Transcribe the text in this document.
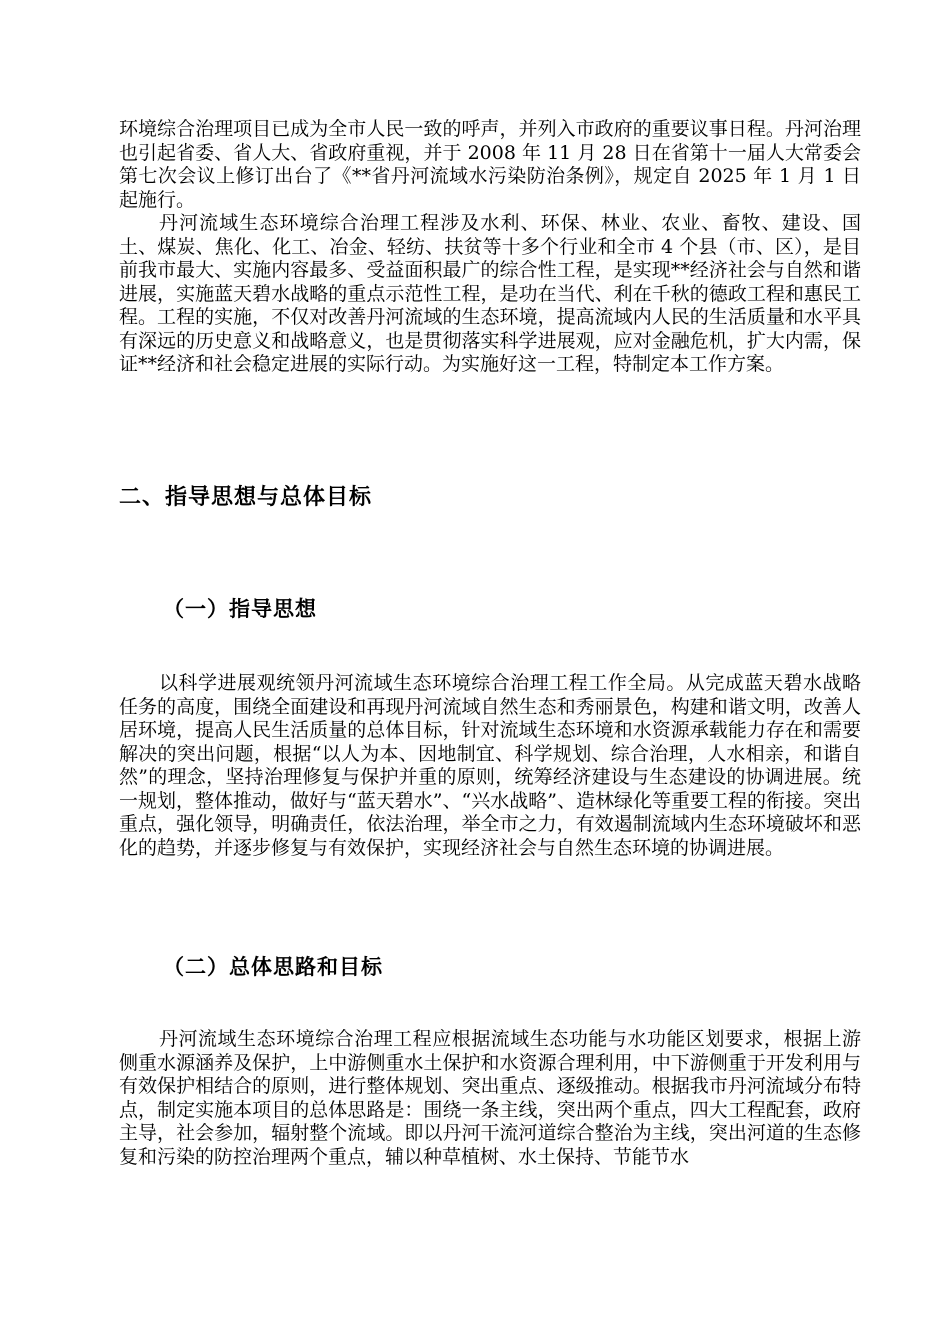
环境综合治理项目已成为全市人民一致的呼声，并列入市政府的重要议事日程。丹河治理也引起省委、省人大、省政府重视，并于 2008 年 11 月 28 日在省第十一届人大常委会第七次会议上修订出台了《**省丹河流域水污染防治条例》，规定自 2025 年 1 月 1 日起施行。

丹河流域生态环境综合治理工程涉及水利、环保、林业、农业、畜牧、建设、国土、煤炭、焦化、化工、冶金、轻纺、扶贫等十多个行业和全市 4 个县（市、区），是目前我市最大、实施内容最多、受益面积最广的综合性工程，是实现**经济社会与自然和谐进展，实施蓝天碧水战略的重点示范性工程，是功在当代、利在千秋的德政工程和惠民工程。工程的实施，不仅对改善丹河流域的生态环境，提高流域内人民的生活质量和水平具有深远的历史意义和战略意义，也是贯彻落实科学进展观，应对金融危机，扩大内需，保证**经济和社会稳定进展的实际行动。为实施好这一工程，特制定本工作方案。

二、指导思想与总体目标
（一）指导思想

以科学进展观统领丹河流域生态环境综合治理工程工作全局。从完成蓝天碧水战略任务的高度，围绕全面建设和再现丹河流域自然生态和秀丽景色，构建和谐文明，改善人居环境，提高人民生活质量的总体目标，针对流域生态环境和水资源承载能力存在和需要解决的突出问题，根据“以人为本、因地制宜、科学规划、综合治理，人水相亲，和谐自然”的理念，坚持治理修复与保护并重的原则，统筹经济建设与生态建设的协调进展。统一规划，整体推动，做好与“蓝天碧水”、“兴水战略”、造林绿化等重要工程的衔接。突出重点，强化领导，明确责任，依法治理，举全市之力，有效遏制流域内生态环境破坏和恶化的趋势，并逐步修复与有效保护，实现经济社会与自然生态环境的协调进展。

（二）总体思路和目标

丹河流域生态环境综合治理工程应根据流域生态功能与水功能区划要求，根据上游侧重水源涵养及保护，上中游侧重水土保护和水资源合理利用，中下游侧重于开发利用与有效保护相结合的原则，进行整体规划、突出重点、逐级推动。根据我市丹河流域分布特点，制定实施本项目的总体思路是：围绕一条主线，突出两个重点，四大工程配套，政府主导，社会参加，辐射整个流域。即以丹河干流河道综合整治为主线，突出河道的生态修复和污染的防控治理两个重点，辅以种草植树、水土保持、节能节水
